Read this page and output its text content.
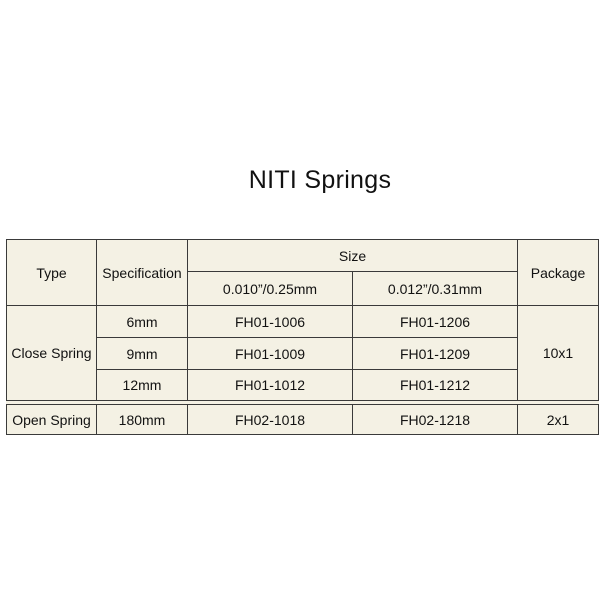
NITI Springs
Type	Specification	Size		Package
		0.010”/0.25mm	0.012”/0.31mm	
Close Spring	6mm	FH01-1006	FH01-1206	10x1
	9mm	FH01-1009	FH01-1209	
	12mm	FH01-1012	FH01-1212	

Open Spring	180mm	FH02-1018	FH02-1218	2x1
